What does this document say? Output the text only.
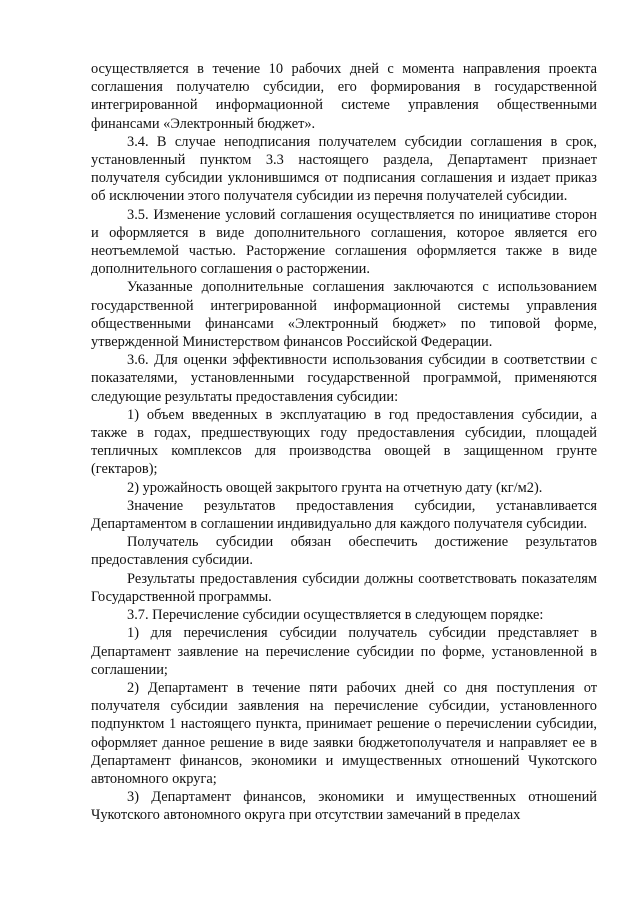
осуществляется в течение 10 рабочих дней с момента направления проекта соглашения получателю субсидии, его формирования в государственной интегрированной информационной системе управления общественными финансами «Электронный бюджет».

3.4. В случае неподписания получателем субсидии соглашения в срок, установленный пунктом 3.3 настоящего раздела, Департамент признает получателя субсидии уклонившимся от подписания соглашения и издает приказ об исключении этого получателя субсидии из перечня получателей субсидии.

3.5. Изменение условий соглашения осуществляется по инициативе сторон и оформляется в виде дополнительного соглашения, которое является его неотъемлемой частью. Расторжение соглашения оформляется также в виде дополнительного соглашения о расторжении.

Указанные дополнительные соглашения заключаются с использованием государственной интегрированной информационной системы управления общественными финансами «Электронный бюджет» по типовой форме, утвержденной Министерством финансов Российской Федерации.

3.6. Для оценки эффективности использования субсидии в соответствии с показателями, установленными государственной программой, применяются следующие результаты предоставления субсидии:

1) объем введенных в эксплуатацию в год предоставления субсидии, а также в годах, предшествующих году предоставления субсидии, площадей тепличных комплексов для производства овощей в защищенном грунте (гектаров);

2) урожайность овощей закрытого грунта на отчетную дату (кг/м2).

Значение результатов предоставления субсидии, устанавливается Департаментом в соглашении индивидуально для каждого получателя субсидии.

Получатель субсидии обязан обеспечить достижение результатов предоставления субсидии.

Результаты предоставления субсидии должны соответствовать показателям Государственной программы.

3.7. Перечисление субсидии осуществляется в следующем порядке:

1) для перечисления субсидии получатель субсидии представляет в Департамент заявление на перечисление субсидии по форме, установленной в соглашении;

2) Департамент в течение пяти рабочих дней со дня поступления от получателя субсидии заявления на перечисление субсидии, установленного подпунктом 1 настоящего пункта, принимает решение о перечислении субсидии, оформляет данное решение в виде заявки бюджетополучателя и направляет ее в Департамент финансов, экономики и имущественных отношений Чукотского автономного округа;

3) Департамент финансов, экономики и имущественных отношений Чукотского автономного округа при отсутствии замечаний в пределах
